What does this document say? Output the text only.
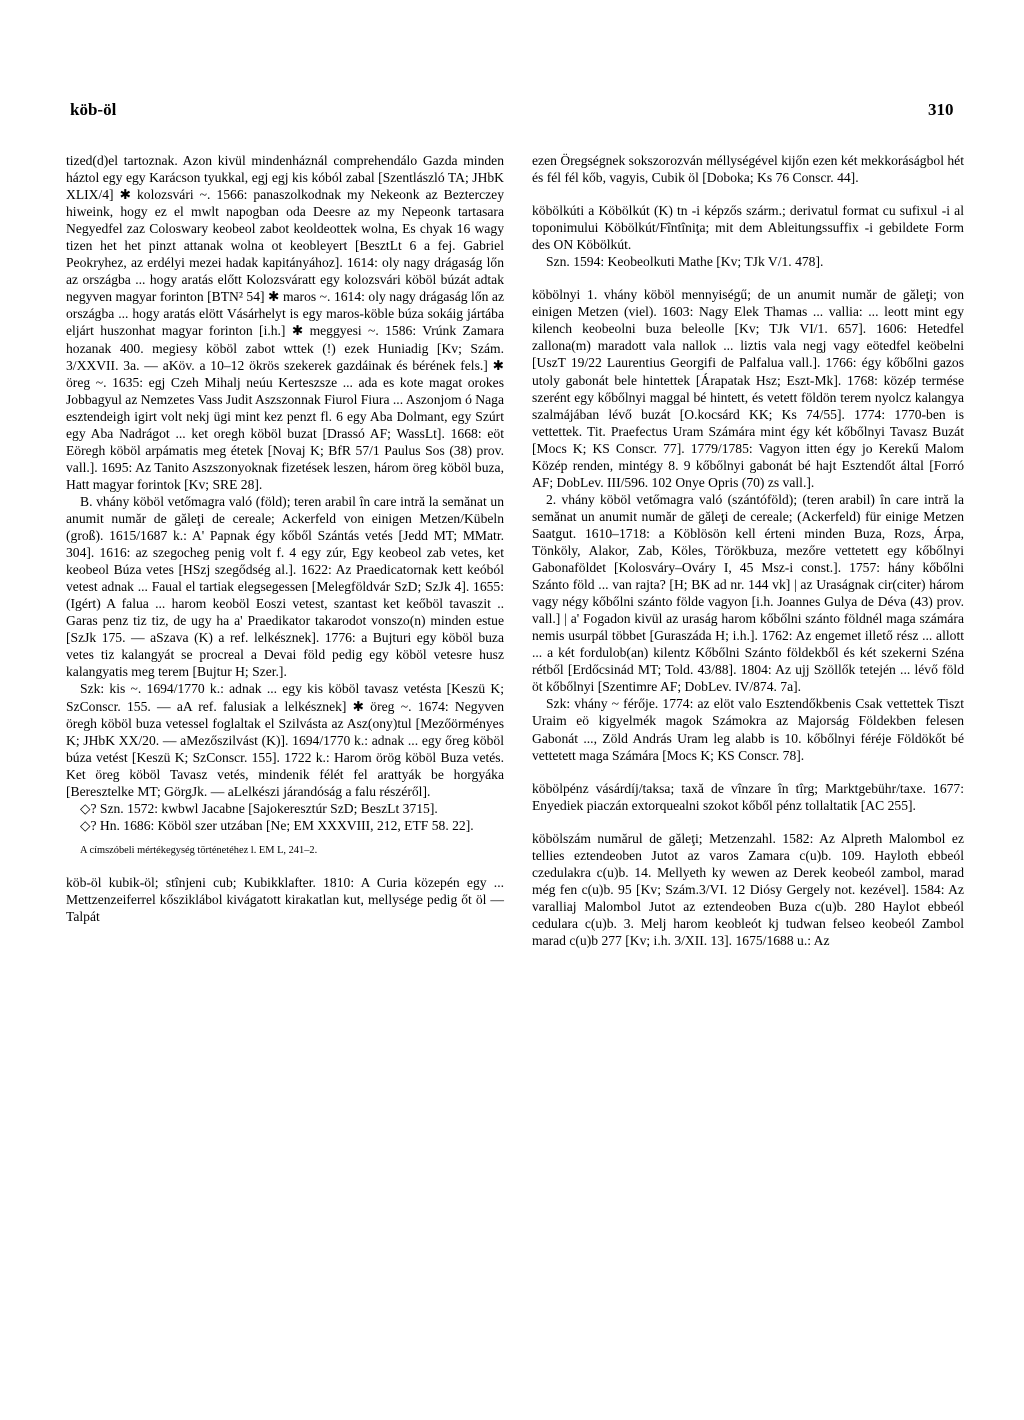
köb-öl	310

tized(d)el tartoznak. Azon kivül mindenháznál comprehendálo Gazda minden háztol egy egy Karácson tyukkal, egj egj kis kóból zabal [Szentlászló TA; JHbK XLIX/4] ✱ kolozsvári ~. 1566: panaszolkodnak my Nekeonk az Bezterczey hiweink, hogy ez el mwlt napogban oda Deesre az my Nepeonk tartasara Negyedfel zaz Coloswary keobeol zabot keoldeottek wolna, Es chyak 16 wagy tizen het het pinzt attanak wolna ot keobleyert [BesztLt 6 a fej. Gabriel Peokryhez, az erdélyi mezei hadak kapitányához]. 1614: oly nagy drágaság lőn az országba ... hogy aratás előtt Kolozsváratt egy kolozsvári köböl búzát adtak negyven magyar forinton [BTN² 54] ✱ maros ~. 1614: oly nagy drágaság lőn az országba ... hogy aratás elött Vásárhelyt is egy maros-köble búza sokáig jártába eljárt huszonhat magyar forinton [i.h.] ✱ meggyesi ~. 1586: Vrúnk Zamara hozanak 400. megiesy köböl zabot wttek (!) ezek Huniadig [Kv; Szám. 3/XXVII. 3a. — aKöv. a 10–12 ökrös szekerek gazdáinak és bérének fels.] ✱ öreg ~. 1635: egj Czeh Mihalj neúu Kerteszsze ... ada es kote magat orokes Jobbagyul az Nemzetes Vass Judit Aszszonnak Fiurol Fiura ... Aszonjom ó Naga esztendeigh igirt volt nekj ügi mint kez penzt fl. 6 egy Aba Dolmant, egy Szúrt egy Aba Nadrágot ... ket oregh köböl buzat [Drassó AF; WassLt]. 1668: eöt Eöregh köböl arpámatis meg étetek [Novaj K; BfR 57/1 Paulus Sos (38) prov. vall.]. 1695: Az Tanito Aszszonyoknak fizetések leszen, három öreg köböl buza, Hatt magyar forintok [Kv; SRE 28].

B. vhány köböl vetőmagra való (föld); teren arabil în care intră la semănat un anumit număr de găleţi de cereale; Ackerfeld von einigen Metzen/Kübeln (groß). 1615/1687 k.: A' Papnak égy kőből Szántás vetés [Jedd MT; MMatr. 304]. 1616: az szegocheg penig volt f. 4 egy zúr, Egy keobeol zab vetes, ket keobeol Búza vetes [HSzj szegődség al.]. 1622: Az Praedicatornak kett keóból vetest adnak ... Faual el tartiak elegsegessen [Melegföldvár SzD; SzJk 4]. 1655: (Igért) A falua ... harom keoböl Eoszi vetest, szantast ket keőböl tavaszit .. Garas penz tiz tiz, de ugy ha a' Praedikator takarodot vonszo(n) minden estue [SzJk 175. — aSzava (K) a ref. lelkésznek]. 1776: a Bujturi egy köböl buza vetes tiz kalangyát se procreal a Devai föld pedig egy köböl vetesre husz kalangyatis meg terem [Bujtur H; Szer.].

Szk: kis ~. 1694/1770 k.: adnak ... egy kis köböl tavasz vetésta [Keszü K; SzConscr. 155. — aA ref. falusiak a lelkésznek] ✱ öreg ~. 1674: Negyven öregh köböl buza vetessel foglaltak el Szilvásta az Asz(ony)tul [Mezőörményes K; JHbK XX/20. — aMezőszilvást (K)]. 1694/1770 k.: adnak ... egy őreg köböl búza vetést [Keszü K; SzConscr. 155]. 1722 k.: Harom örög köböl Buza vetés. Ket öreg köböl Tavasz vetés, mindenik félét fel arattyák be horgyáka [Beresztelke MT; GörgJk. — aLelkészi járandóság a falu részéről].

◇? Szn. 1572: kwbwl Jacabne [Sajokeresztúr SzD; BeszLt 3715].

◇? Hn. 1686: Köböl szer utzában [Ne; EM XXXVIII, 212, ETF 58. 22].

A címszóbeli mértékegység történetéhez l. EM L, 241–2.

köb-öl kubik-öl; stînjeni cub; Kubikklafter. 1810: A Curia közepén egy ... Mettzenzeiferrel kősziklábol kivágatott kirakatlan kut, mellysége pedig őt öl — Talpát

ezen Öregségnek sokszorozván méllységével kijőn ezen két mekkoráságbol hét és fél fél kőb, vagyis, Cubik öl [Doboka; Ks 76 Conscr. 44].

köbölkúti a Köbölkút (K) tn -i képzős szárm.; derivatul format cu sufixul -i al toponimului Köbölkút/Fîntîniţa; mit dem Ableitungssuffix -i gebildete Form des ON Köbölkút.

Szn. 1594: Keobeolkuti Mathe [Kv; TJk V/1. 478].

köbölnyi 1. vhány köböl mennyiségű; de un anumit număr de găleţi; von einigen Metzen (viel). 1603: Nagy Elek Thamas ... vallia: ... leott mint egy kilench keobeolni buza beleolle [Kv; TJk VI/1. 657]. 1606: Hetedfel zallona(m) maradott vala nallok ... liztis vala negj vagy eötedfel keöbelni [UszT 19/22 Laurentius Georgifi de Palfalua vall.]. 1766: égy kőbőlni gazos utoly gabonát bele hintettek [Árapatak Hsz; Eszt-Mk]. 1768: közép termése szerént egy kőbőlnyi maggal bé hintett, és vetett földön terem nyolcz kalangya szalmájában lévő buzát [O.kocsárd KK; Ks 74/55]. 1774: 1770-ben is vettettek. Tit. Praefectus Uram Számára mint égy két kőbőlnyi Tavasz Buzát [Mocs K; KS Conscr. 77]. 1779/1785: Vagyon itten égy jo Kerekű Malom Közép renden, mintégy 8. 9 kőbőlnyi gabonát bé hajt Esztendőt által [Forró AF; DobLev. III/596. 102 Onye Opris (70) zs vall.].

2. vhány köböl vetőmagra való (szántóföld); (teren arabil) în care intră la semănat un anumit număr de găleţi de cereale; (Ackerfeld) für einige Metzen Saatgut. 1610–1718: a Köblösön kell érteni minden Buza, Rozs, Árpa, Tönköly, Alakor, Zab, Köles, Törökbuza, mezőre vettetett egy kőbőlnyi Gabonaföldet [Kolosváry–Ováry I, 45 Msz-i const.]. 1757: hány kőbőlni Szánto föld ... van rajta? [H; BK ad nr. 144 vk] | az Uraságnak cir(citer) három vagy négy kőbőlni szánto földe vagyon [i.h. Joannes Gulya de Déva (43) prov. vall.] | a' Fogadon kivül az uraság harom kőbőlni szánto földnél maga számára nemis usurpál többet [Guraszáda H; i.h.]. 1762: Az engemet illető rész ... allott ... a két fordulob(an) kilentz Kőbőlni Szánto földekből és két szekerni Széna rétből [Erdőcsinád MT; Told. 43/88]. 1804: Az ujj Szöllők tetején ... lévő föld öt kőbőlnyi [Szentimre AF; DobLev. IV/874. 7a].

Szk: vhány ~ férője. 1774: az elöt valo Esztendőkbenis Csak vettettek Tiszt Uraim eö kigyelmék magok Számokra az Majorság Földekben felesen Gabonát ..., Zöld András Uram leg alabb is 10. kőbőlnyi féréje Földökőt bé vettetett maga Számára [Mocs K; KS Conscr. 78].

köbölpénz vásárdíj/taksa; taxă de vînzare în tîrg; Marktgebühr/taxe. 1677: Enyediek piaczán extorquealni szokot kőből pénz tollaltatik [AC 255].

köbölszám numărul de găleţi; Metzenzahl. 1582: Az Alpreth Malombol ez tellies eztendeoben Jutot az varos Zamara c(u)b. 109. Hayloth ebbeól czedulakra c(u)b. 14. Mellyeth ky wewen az Derek keobeól zambol, marad még fen c(u)b. 95 [Kv; Szám.3/VI. 12 Diósy Gergely not. kezével]. 1584: Az varalliaj Malombol Jutot az eztendeoben Buza c(u)b. 280 Haylot ebbeól cedulara c(u)b. 3. Melj harom keobleót kj tudwan felseo keobeól Zambol marad c(u)b 277 [Kv; i.h. 3/XII. 13]. 1675/1688 u.: Az
